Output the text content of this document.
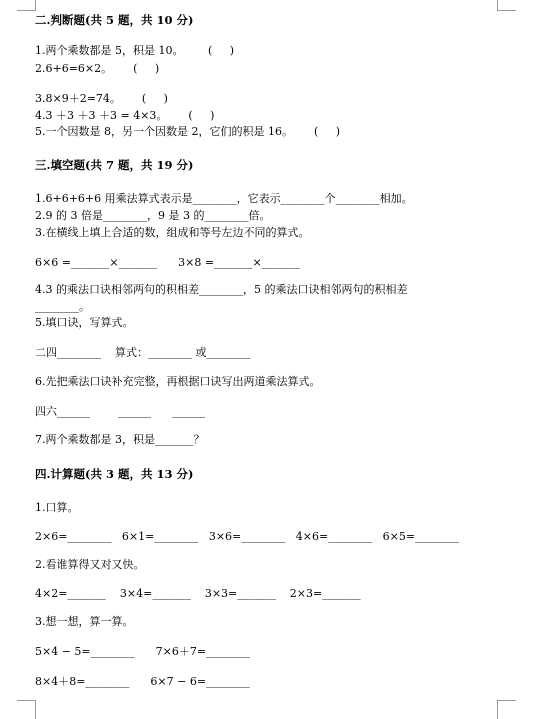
二.判断题(共 5 题，共 10 分)
1.两个乘数都是 5，积是 10。       (     )
2.6+6=6×2。      (     )
3.8×9＋2=74。      (     )
4.3 ＋3 ＋3 ＋3 = 4×3。      (     )
5.一个因数是 8，另一个因数是 2，它们的积是 16。      (     )
三.填空题(共 7 题，共 19 分)
1.6+6+6+6 用乘法算式表示是________，它表示________个________相加。
2.9 的 3 倍是________，9 是 3 的________倍。
3.在横线上填上合适的数，组成和等号左边不同的算式。
6×6 =_______×_______      3×8 =_______×_______
4.3 的乘法口诀相邻两句的积相差________，5 的乘法口诀相邻两句的积相差
________。
5.填口诀，写算式。
二四________    算式：________ 或________
6.先把乘法口诀补充完整，再根据口诀写出两道乘法算式。
四六______        ______      ______
7.两个乘数都是 3，积是_______？
四.计算题(共 3 题，共 13 分)
1.口算。
2×6=________   6×1=________   3×6=________   4×6=________   6×5=________
2.看谁算得又对又快。
4×2=_______    3×4=_______    3×3=_______    2×3=_______
3.想一想，算一算。
5×4 − 5=________      7×6＋7=________
8×4＋8=________      6×7 − 6=________
